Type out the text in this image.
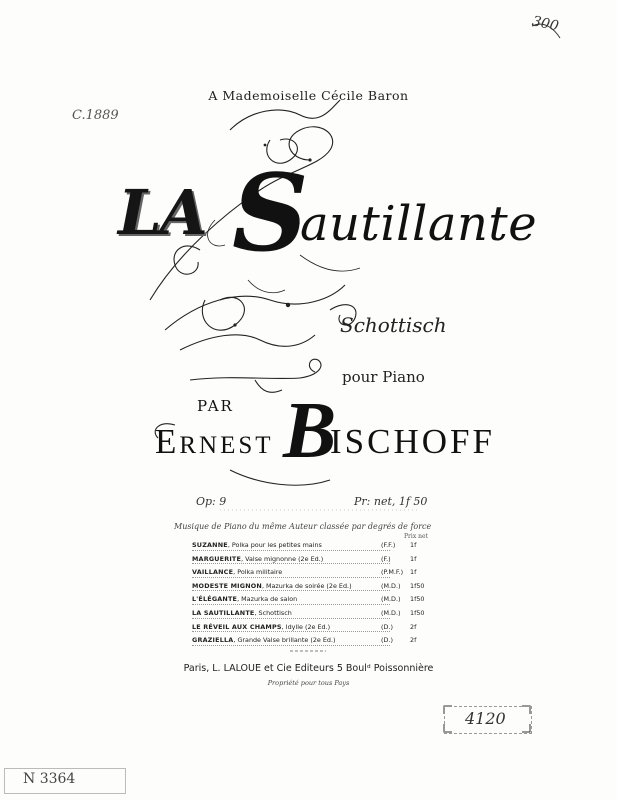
300
C.1889
A Mademoiselle Cécile Baron
LA S
autillante
Schottisch
pour Piano
PAR
Ernest B
ISCHOFF
Op: 9	Pr: net, 1f 50
Musique de Piano du même Auteur classée par degrés de force
Prix net
SUZANNE, Polka pour les petites mains	(F.F.) 1f
MARGUERITE, Valse mignonne (2e Ed.)	(F.)	1f
VAILLANCE, Polka militaire	(P.M.F.) 1f
MODESTE MIGNON, Mazurka de soirée (2e Ed.)	(M.D.) 1f50
L'ÉLÉGANTE, Mazurka de salon	(M.D.) 1f50
LA SAUTILLANTE, Schottisch	(M.D.) 1f50
LE RÉVEIL AUX CHAMPS, Idylle (2e Ed.)	(D.)	2f
GRAZIELLA, Grande Valse brillante (2e Ed.)	(D.)	2f
Paris, L. LALOUE et Cie Editeurs 5 Boulᵈ Poissonnière
Propriété pour tous Pays
4120
N 3364
